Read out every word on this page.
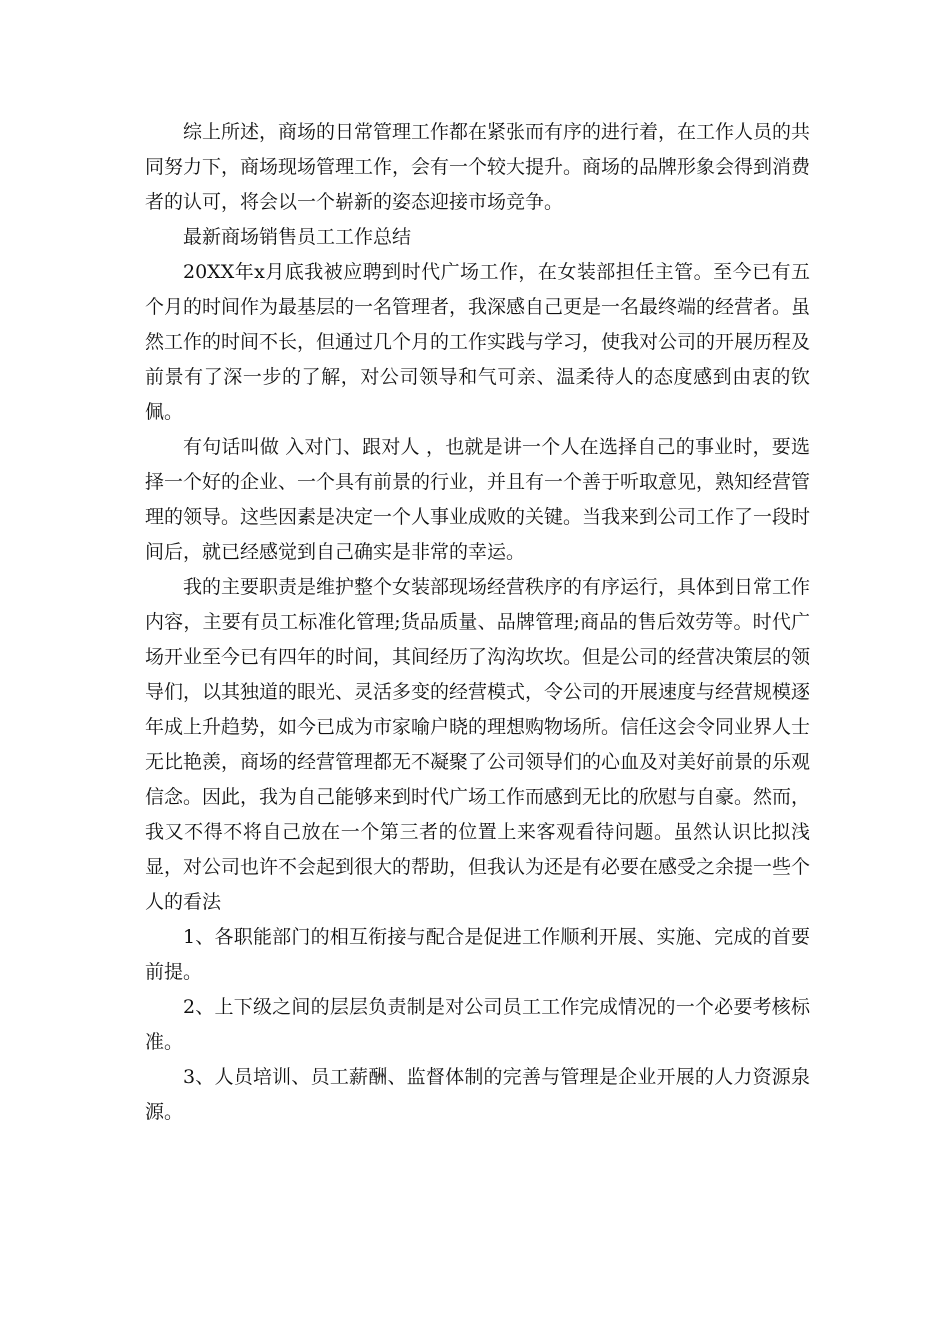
综上所述，商场的日常管理工作都在紧张而有序的进行着，在工作人员的共同努力下，商场现场管理工作，会有一个较大提升。商场的品牌形象会得到消费者的认可，将会以一个崭新的姿态迎接市场竞争。

最新商场销售员工工作总结

20XX年x月底我被应聘到时代广场工作，在女装部担任主管。至今已有五个月的时间作为最基层的一名管理者，我深感自己更是一名最终端的经营者。虽然工作的时间不长，但通过几个月的工作实践与学习，使我对公司的开展历程及前景有了深一步的了解，对公司领导和气可亲、温柔待人的态度感到由衷的钦佩。

有句话叫做 入对门、跟对人 ，也就是讲一个人在选择自己的事业时，要选择一个好的企业、一个具有前景的行业，并且有一个善于听取意见，熟知经营管理的领导。这些因素是决定一个人事业成败的关键。当我来到公司工作了一段时间后，就已经感觉到自己确实是非常的幸运。

我的主要职责是维护整个女装部现场经营秩序的有序运行，具体到日常工作内容，主要有员工标准化管理;货品质量、品牌管理;商品的售后效劳等。时代广场开业至今已有四年的时间，其间经历了沟沟坎坎。但是公司的经营决策层的领导们，以其独道的眼光、灵活多变的经营模式，令公司的开展速度与经营规模逐年成上升趋势，如今已成为市家喻户晓的理想购物场所。信任这会令同业界人士无比艳羡，商场的经营管理都无不凝聚了公司领导们的心血及对美好前景的乐观信念。因此，我为自己能够来到时代广场工作而感到无比的欣慰与自豪。然而，我又不得不将自己放在一个第三者的位置上来客观看待问题。虽然认识比拟浅显，对公司也许不会起到很大的帮助，但我认为还是有必要在感受之余提一些个人的看法

1、各职能部门的相互衔接与配合是促进工作顺利开展、实施、完成的首要前提。

2、上下级之间的层层负责制是对公司员工工作完成情况的一个必要考核标准。

3、人员培训、员工薪酬、监督体制的完善与管理是企业开展的人力资源泉源。
